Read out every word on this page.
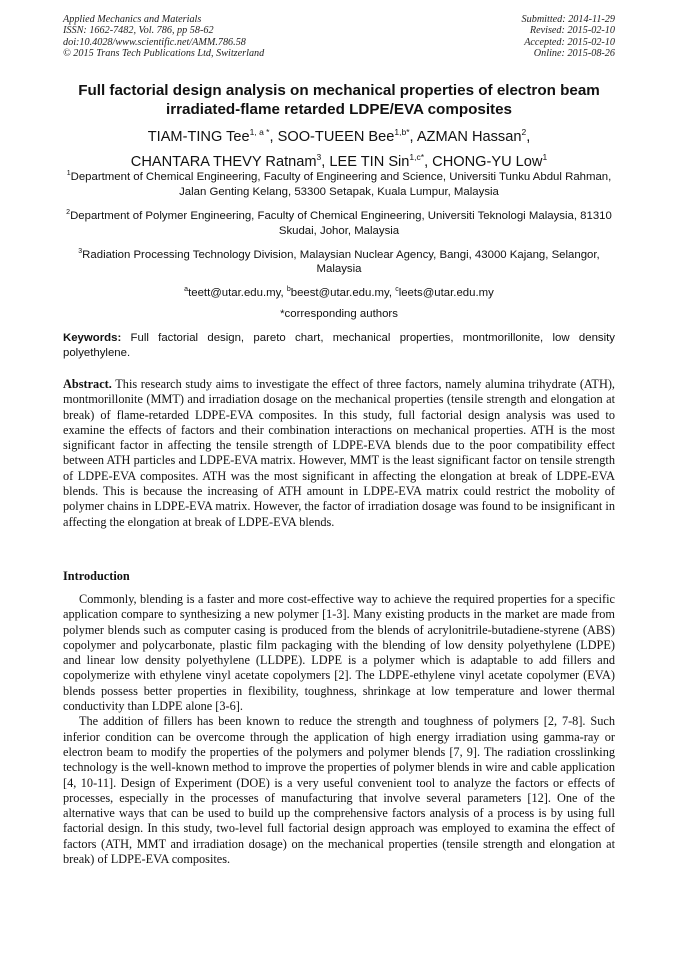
Applied Mechanics and Materials
ISSN: 1662-7482, Vol. 786, pp 58-62
doi:10.4028/www.scientific.net/AMM.786.58
© 2015 Trans Tech Publications Ltd, Switzerland
Submitted: 2014-11-29
Revised: 2015-02-10
Accepted: 2015-02-10
Online: 2015-08-26
Full factorial design analysis on mechanical properties of electron beam irradiated-flame retarded LDPE/EVA composites
TIAM-TING Tee$^{1, a *}$, SOO-TUEEN Bee$^{1,b*}$, AZMAN Hassan$^2$,
CHANTARA THEVY Ratnam$^3$, LEE TIN Sin$^{1,c*}$, CHONG-YU Low$^1$
$^1$Department of Chemical Engineering, Faculty of Engineering and Science, Universiti Tunku Abdul Rahman, Jalan Genting Kelang, 53300 Setapak, Kuala Lumpur, Malaysia
$^2$Department of Polymer Engineering, Faculty of Chemical Engineering, Universiti Teknologi Malaysia, 81310 Skudai, Johor, Malaysia
$^3$Radiation Processing Technology Division, Malaysian Nuclear Agency, Bangi, 43000 Kajang, Selangor, Malaysia
$^a$teett@utar.edu.my, $^b$beest@utar.edu.my, $^c$leets@utar.edu.my
*corresponding authors
Keywords: Full factorial design, pareto chart, mechanical properties, montmorillonite, low density polyethylene.
Abstract. This research study aims to investigate the effect of three factors, namely alumina trihydrate (ATH), montmorillonite (MMT) and irradiation dosage on the mechanical properties (tensile strength and elongation at break) of flame-retarded LDPE-EVA composites. In this study, full factorial design analysis was used to examine the effects of factors and their combination interactions on mechanical properties. ATH is the most significant factor in affecting the tensile strength of LDPE-EVA blends due to the poor compatibility effect between ATH particles and LDPE-EVA matrix. However, MMT is the least significant factor on tensile strength of LDPE-EVA composites. ATH was the most significant in affecting the elongation at break of LDPE-EVA blends. This is because the increasing of ATH amount in LDPE-EVA matrix could restrict the mobolity of polymer chains in LDPE-EVA matrix. However, the factor of irradiation dosage was found to be insignificant in affecting the elongation at break of LDPE-EVA blends.
Introduction

Commonly, blending is a faster and more cost-effective way to achieve the required properties for a specific application compare to synthesizing a new polymer [1-3]. Many existing products in the market are made from polymer blends such as computer casing is produced from the blends of acrylonitrile-butadiene-styrene (ABS) copolymer and polycarbonate, plastic film packaging with the blending of low density polyethylene (LDPE) and linear low density polyethylene (LLDPE). LDPE is a polymer which is adaptable to add fillers and copolymerize with ethylene vinyl acetate copolymers [2]. The LDPE-ethylene vinyl acetate copolymer (EVA) blends possess better properties in flexibility, toughness, shrinkage at low temperature and lower thermal conductivity than LDPE alone [3-6].

The addition of fillers has been known to reduce the strength and toughness of polymers [2, 7-8]. Such inferior condition can be overcome through the application of high energy irradiation using gamma-ray or electron beam to modify the properties of the polymers and polymer blends [7, 9]. The radiation crosslinking technology is the well-known method to improve the properties of polymer blends in wire and cable application [4, 10-11]. Design of Experiment (DOE) is a very useful convenient tool to analyze the factors or effects of processes, especially in the processes of manufacturing that involve several parameters [12]. One of the alternative ways that can be used to build up the comprehensive factors analysis of a process is by using full factorial design. In this study, two-level full factorial design approach was employed to examina the effect of factors (ATH, MMT and irradiation dosage) on the mechanical properties (tensile strength and elongation at break) of LDPE-EVA composites.
